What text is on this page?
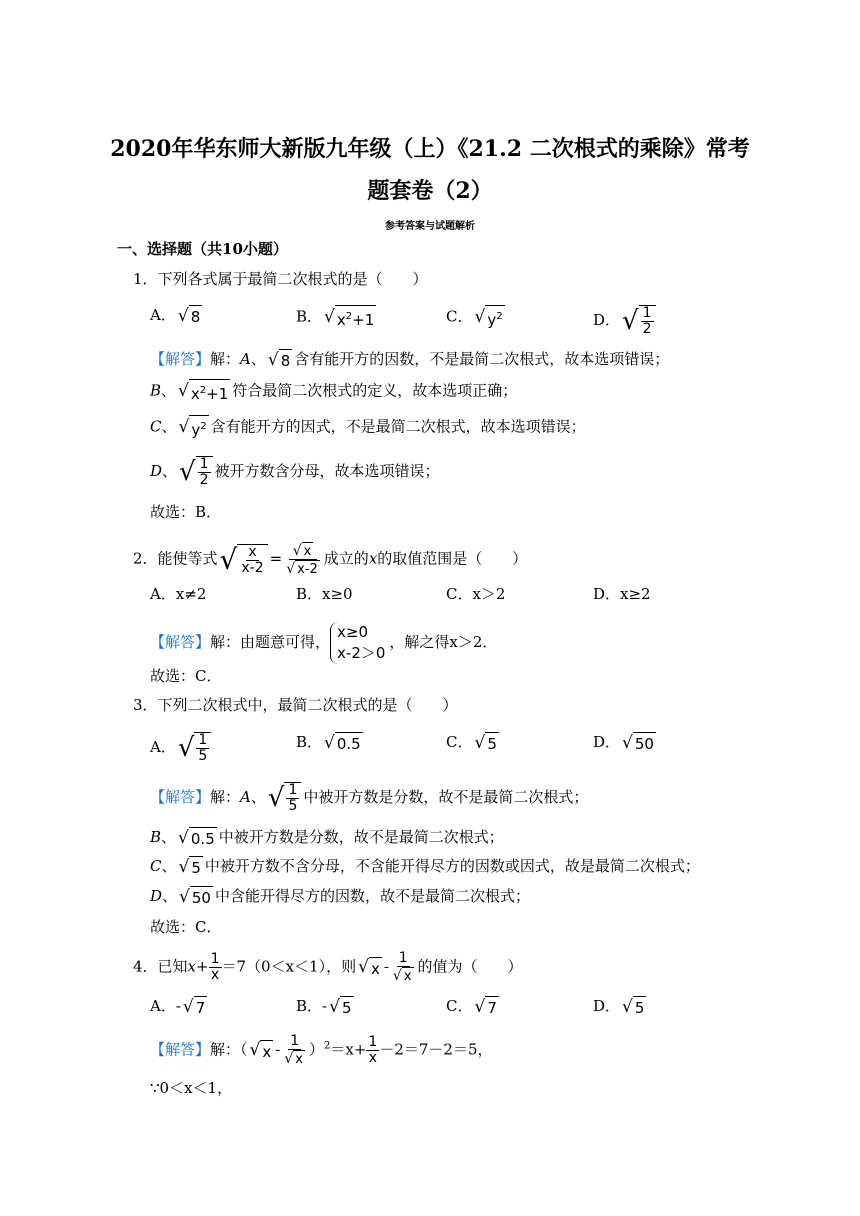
2020年华东师大新版九年级（上）《21.2 二次根式的乘除》常考
题套卷（2）
参考答案与试题解析
一、选择题（共10小题）
1．下列各式属于最简二次根式的是（　　）
A． √ 8	B． √ $x^2+1$	C． √ $y^2$	D． √ $\frac{1}{2}$
【解答】解：A、 √ 8 含有能开方的因数，不是最简二次根式，故本选项错误；
B、 √ $x^2+1$ 符合最简二次根式的定义，故本选项正确；
C、 √ $y^2$ 含有能开方的因式，不是最简二次根式，故本选项错误；
D、 √ $\frac{1}{2}$ 被开方数含分母，故本选项错误；
故选：B．
2．能使等式 √ $\frac{x}{x-2} = \frac{√ x}{√ x-2}$ 成立的x的取值范围是（　　）
A．x≠2	B．x≥0	C．x＞2	D．x≥2
【解答】解：由题意可得，
x≥0
x-2＞0
，解之得x＞2．
故选：C．
3．下列二次根式中，最简二次根式的是（　　）
A． √ $\frac{1}{5}$	B． √ 0.5	C． √ 5	D． √ 50
【解答】解：A、 √ $\frac{1}{5}$ 中被开方数是分数，故不是最简二次根式；
B、 √ 0.5 中被开方数是分数，故不是最简二次根式；
C、 √ 5 中被开方数不含分母，不含能开得尽方的因数或因式，故是最简二次根式；
D、 √ 50 中含能开得尽方的因数，故不是最简二次根式；
故选：C．
4．已知$x+ \frac{1}{x} =7(0<x<1)$，则 √ x - $\frac{1}{√ x}$ 的值为（　　）
A．- √ 7	B．- √ 5	C． √ 7	D． √ 5
【解答】解：（ √ $x - \frac{1}{√ x} )^2=x+ \frac{1}{x} -2=7-2=5$，
∵0＜x＜1，
